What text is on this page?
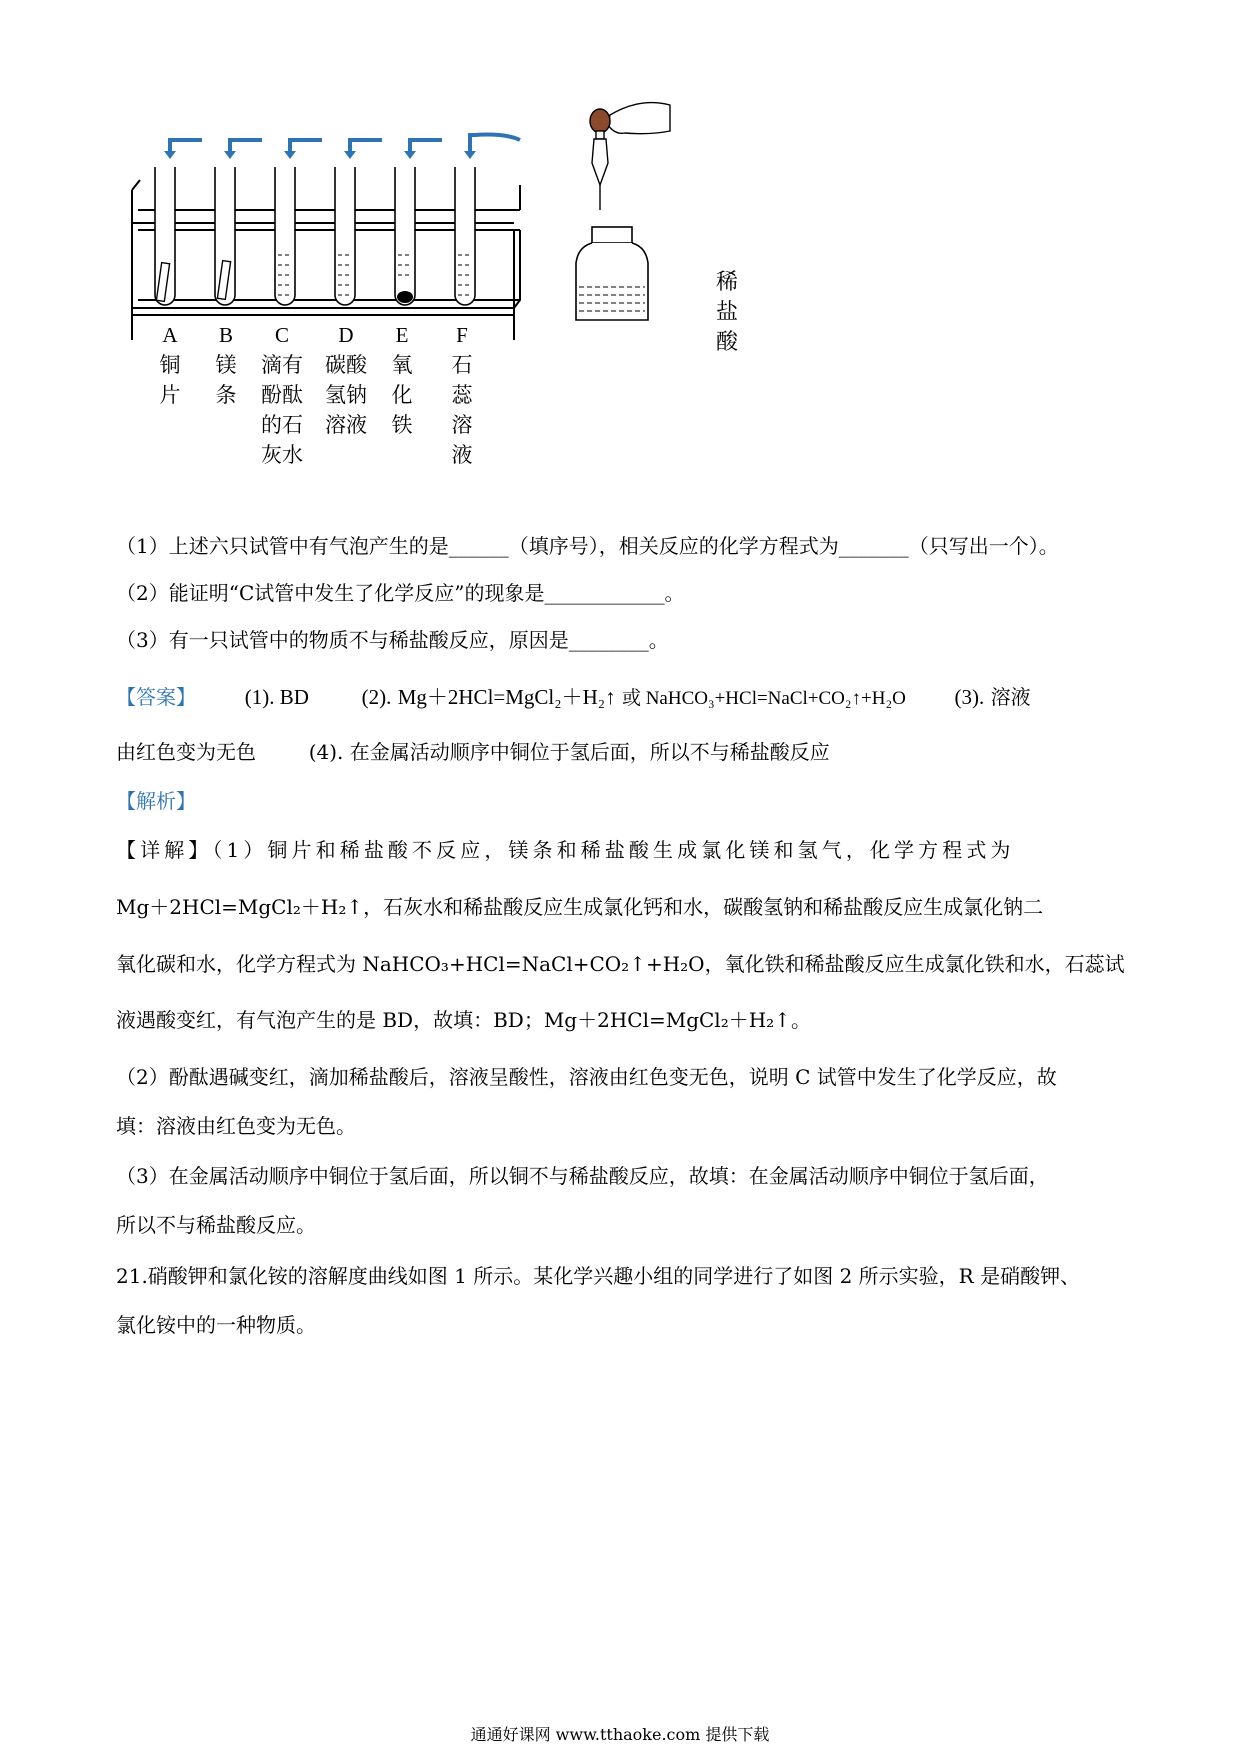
稀盐酸
A
铜片
B
镁条
C
滴有酚酞的石灰水
D
碳酸氢钠溶液
E
氧化铁
F
石蕊溶液
（1）上述六只试管中有气泡产生的是______（填序号），相关反应的化学方程式为_______（只写出一个）。
（2）能证明“C试管中发生了化学反应”的现象是____________。
（3）有一只试管中的物质不与稀盐酸反应，原因是________。
【答案】 (1). BD	(2). Mg＋2HCl=MgCl₂＋H₂↑ 或 NaHCO₃+HCl=NaCl+CO₂↑+H₂O (3). 溶液
由红色变为无色	(4). 在金属活动顺序中铜位于氢后面，所以不与稀盐酸反应
【解析】
【详解】（1）铜片和稀盐酸不反应，镁条和稀盐酸生成氯化镁和氢气，化学方程式为
Mg＋2HCl=MgCl₂＋H₂↑，石灰水和稀盐酸反应生成氯化钙和水，碳酸氢钠和稀盐酸反应生成氯化钠二
氧化碳和水，化学方程式为 NaHCO₃+HCl=NaCl+CO₂↑+H₂O，氧化铁和稀盐酸反应生成氯化铁和水，石蕊试
液遇酸变红，有气泡产生的是 BD，故填：BD；Mg＋2HCl=MgCl₂＋H₂↑。
（2）酚酞遇碱变红，滴加稀盐酸后，溶液呈酸性，溶液由红色变无色，说明 C 试管中发生了化学反应，故
填：溶液由红色变为无色。
（3）在金属活动顺序中铜位于氢后面，所以铜不与稀盐酸反应，故填：在金属活动顺序中铜位于氢后面，
所以不与稀盐酸反应。
21.硝酸钾和氯化铵的溶解度曲线如图 1 所示。某化学兴趣小组的同学进行了如图 2 所示实验，R 是硝酸钾、
氯化铵中的一种物质。
通通好课网 www.tthaoke.com 提供下载
